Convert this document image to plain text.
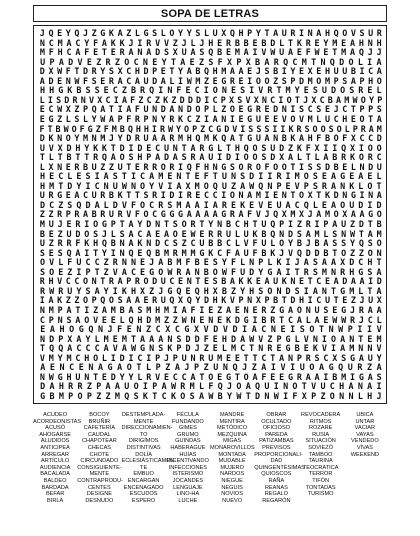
SOPA DE LETRAS
J Q E Y Q J Z G K A Z L G S L O Y Y S L U X Q H P Y T A U R I N A H Q O V S U R
N C M A C Y F A K K J I R V V Z J L J H E R B B E B D L T K R E Y M E A H N H
M F H C A F E T E R A N A D S X U A S Q B E M A I V W U A E F W E T M A Q J J
U P A D V E Z R Z O C N E Y T A E Z S F X P X B A R Q C M T N Q D O L I A
D X W F T D R Y S X C H D P E T Y A B Q H M A A E J S B I Y E X E H U U B I C A
A D E N W F S E R A C A U D A L I W M Z E G R E I O O Z S P D M O M P S A P H O
H H G K B S S E C Z B R Q I N F E C I O N E S I V R T M Y E S U D O S R E L
L I S D R N V X C I A F Z C Z K Z D D D I C P X S V X N C I O T J X C B A M W O Y P
E C W X Z P Q A T I A F U N D A N D O P L Z O E G R E D N I S C S E J C T P P S
E G Z L S L Y W A P F R P N Y R K C Z I A N I E G U E E V O V M L U C H E O T A
F T B W O F G Z F M B Q H H I R W Y O P Z C G D V I S S S I I K R S O O S O L P R A M
D K N O Y M N M J Y D R U A A R M H Q M K Q A T G U A N B K A H F B O F X C C D
U V X D H Y K K T D I D E C U N T A R G L T H Q O S U D Z K F X I I Q X I O O
T L T B T T R Q A O S H P A D A S R A U I D I O O S D X A L T L A B R K O R C
L X N E R B U Z Z U T E R R O R I Q F H N G S O R O F O O T I S S D B E L N D U
H E C L E S I A S T I C A M E N T E F T U N S D I I R I M O S E A G E A E L
H M T D Y I C N U W N O Y V I A X M O Q U Z A W Q N P E V P S R A N K L O T
U R G E A C U R B K T T S R I D I R E C C I O N A M I E N T O X T K D N G I N A
D C Z S Q D A L D V F O C R S M A A I A R E K E V E U A C Q L E A O U D I D
Z Z R P R A B R U R V F O C G G G A A A A G R A F V J Q X M X J A M O X A A G O
M U J E R I O G P T A Y D N T S O R T Y N B C H T U Q P I Z R I P A U Z D T B
B E Z U D O S J L S A C A E A O E W E R R U L U K B Q N D S A M L S N W T A M
U Z R R F K H Q B N A K N D C S Z C U B B C L V F U L O Y B J B A S S Y Q S O
S E S Q A I T Y I N Q E Q B M R M M G K C F A U F B K J V Q D D B T O Z Z O N
O V L F U C C Z R N N E J A B M F B E S Y F L N P L K I J A S A A X D C H T
S O E Z I P T Z V A C E G O W R A N B O W F U D Y G A I T R S M N R H G S A
R H V C C O N T R A P R O D U C E N T E S B A K K E A U K N E T C E A D A A I D
R W R U Y S A Y I K H X Z J G Q E Q H X B Z Y H S O N D S I A N T G M L T A
I A K Z Z O P Q O S A A E R U Q X Q Y D H K V P N X P B T D H I C U T E Z J U X
N M P A T I Z A M B A S M H M I A F I E Z A E N E R Z G A O N U S E G J R A A
C P N S A O V E E L Q H D M Z Z W N E N E K D G I B R T C A L A E W W R J C L
E A H O G Q N J F E N Z C X C G X V D V D I A C N E I S O T N W P I I V
N D P X A Y L M E M T A A A N S D D F E H D A W V Z P G L V N I O A N T E M
T Q Q A C C C A V A W G N S K P D J Z E L M C T N R E G B E K V I A M N N V
V M Y M C H O L I D I C I P J P U N R U M E E T T C T A N P R S C X S G A U Y
A E N C E N A G A O T L P Z A J P Z U N Q J Z A I V I U O A G Q U R Z A
N W G H U N T E D Y Y L R V E C C A T O E G T O A F E E G R A A I B M I G A S
D A H R R Z P A A U O I P A W R M L F Q J O A Q U I N O T V U C H A N A I
G B M P O P Z Z M Q S K T C K O S A W B Y W T D N W I F X P Z O N N L H J
ACUDEO
ACORDEONISTAS
ACUSÓ
AHOGARSE
ALUDIDOS
ANTICIPEA
ARREGAR
ARTÍCULO
AUDIENCIA
BACALADA
BALDEO
BARDADA
BEFAR
BIRLA
BOCOY
BRUÑIR
CAFETERÍA
CAUDAL
CHAPOTEAR
CHECAS
CHOTE
CIRCUNDADO
CONSIGUIENTE-
MENTE
CONTRAPRODU-
CENTES
DESIGNE
DESNUDO
DESTEMPLADA-
MENTE
DIRECCIONAMIEN-
TO
DIRIGÍMOS
DISTINTIVAS
DOLÍA
ECLESIÁSTICAMEN-
TE
EMBUO
ENCARGAN
ENCENAGADO
ESCUDOS
ESPERO
FÉCULA
FUNDANDO
GIMES
GRUMO
GUINDAS
HABERAGUE
HUÍAS
INCENTIVANDO
INFECCIONES
ISTERISMO
JOCANDES
LENGUAJE
LINO-HA
LUCHE
MANDRE
MENTIRA
METÓDICO
MEZQUINA
MIGAS
MONAROVILLOS
MONTADA
MUDABLE
MUJERO
NARDOS
NIEGUE
NEGUIS
NOVIOS
NUEVO
OBRAR
OCULTADO
OFICIOSO
PAREDA
PATIZAMBAS
PREVISOS
PROPORCIONALI-
DAD
QUINGENTÉSIMAS
QUIOSCOS
RAÑA
REANAS
REGALO
REGARÓN
REVOCADERA
RITMOS
ROZARE
RUSIA
SITUACIÓN
SOVIEZÓ
TAMBOO
TAURINA
TEOCRATICA
TERROR
TIFÓN
TONTADAS
TURISMO

UBICA
UNTAR
VACIAR
VAYAS
VENDEDO
VÍVAS
WEEKEND
